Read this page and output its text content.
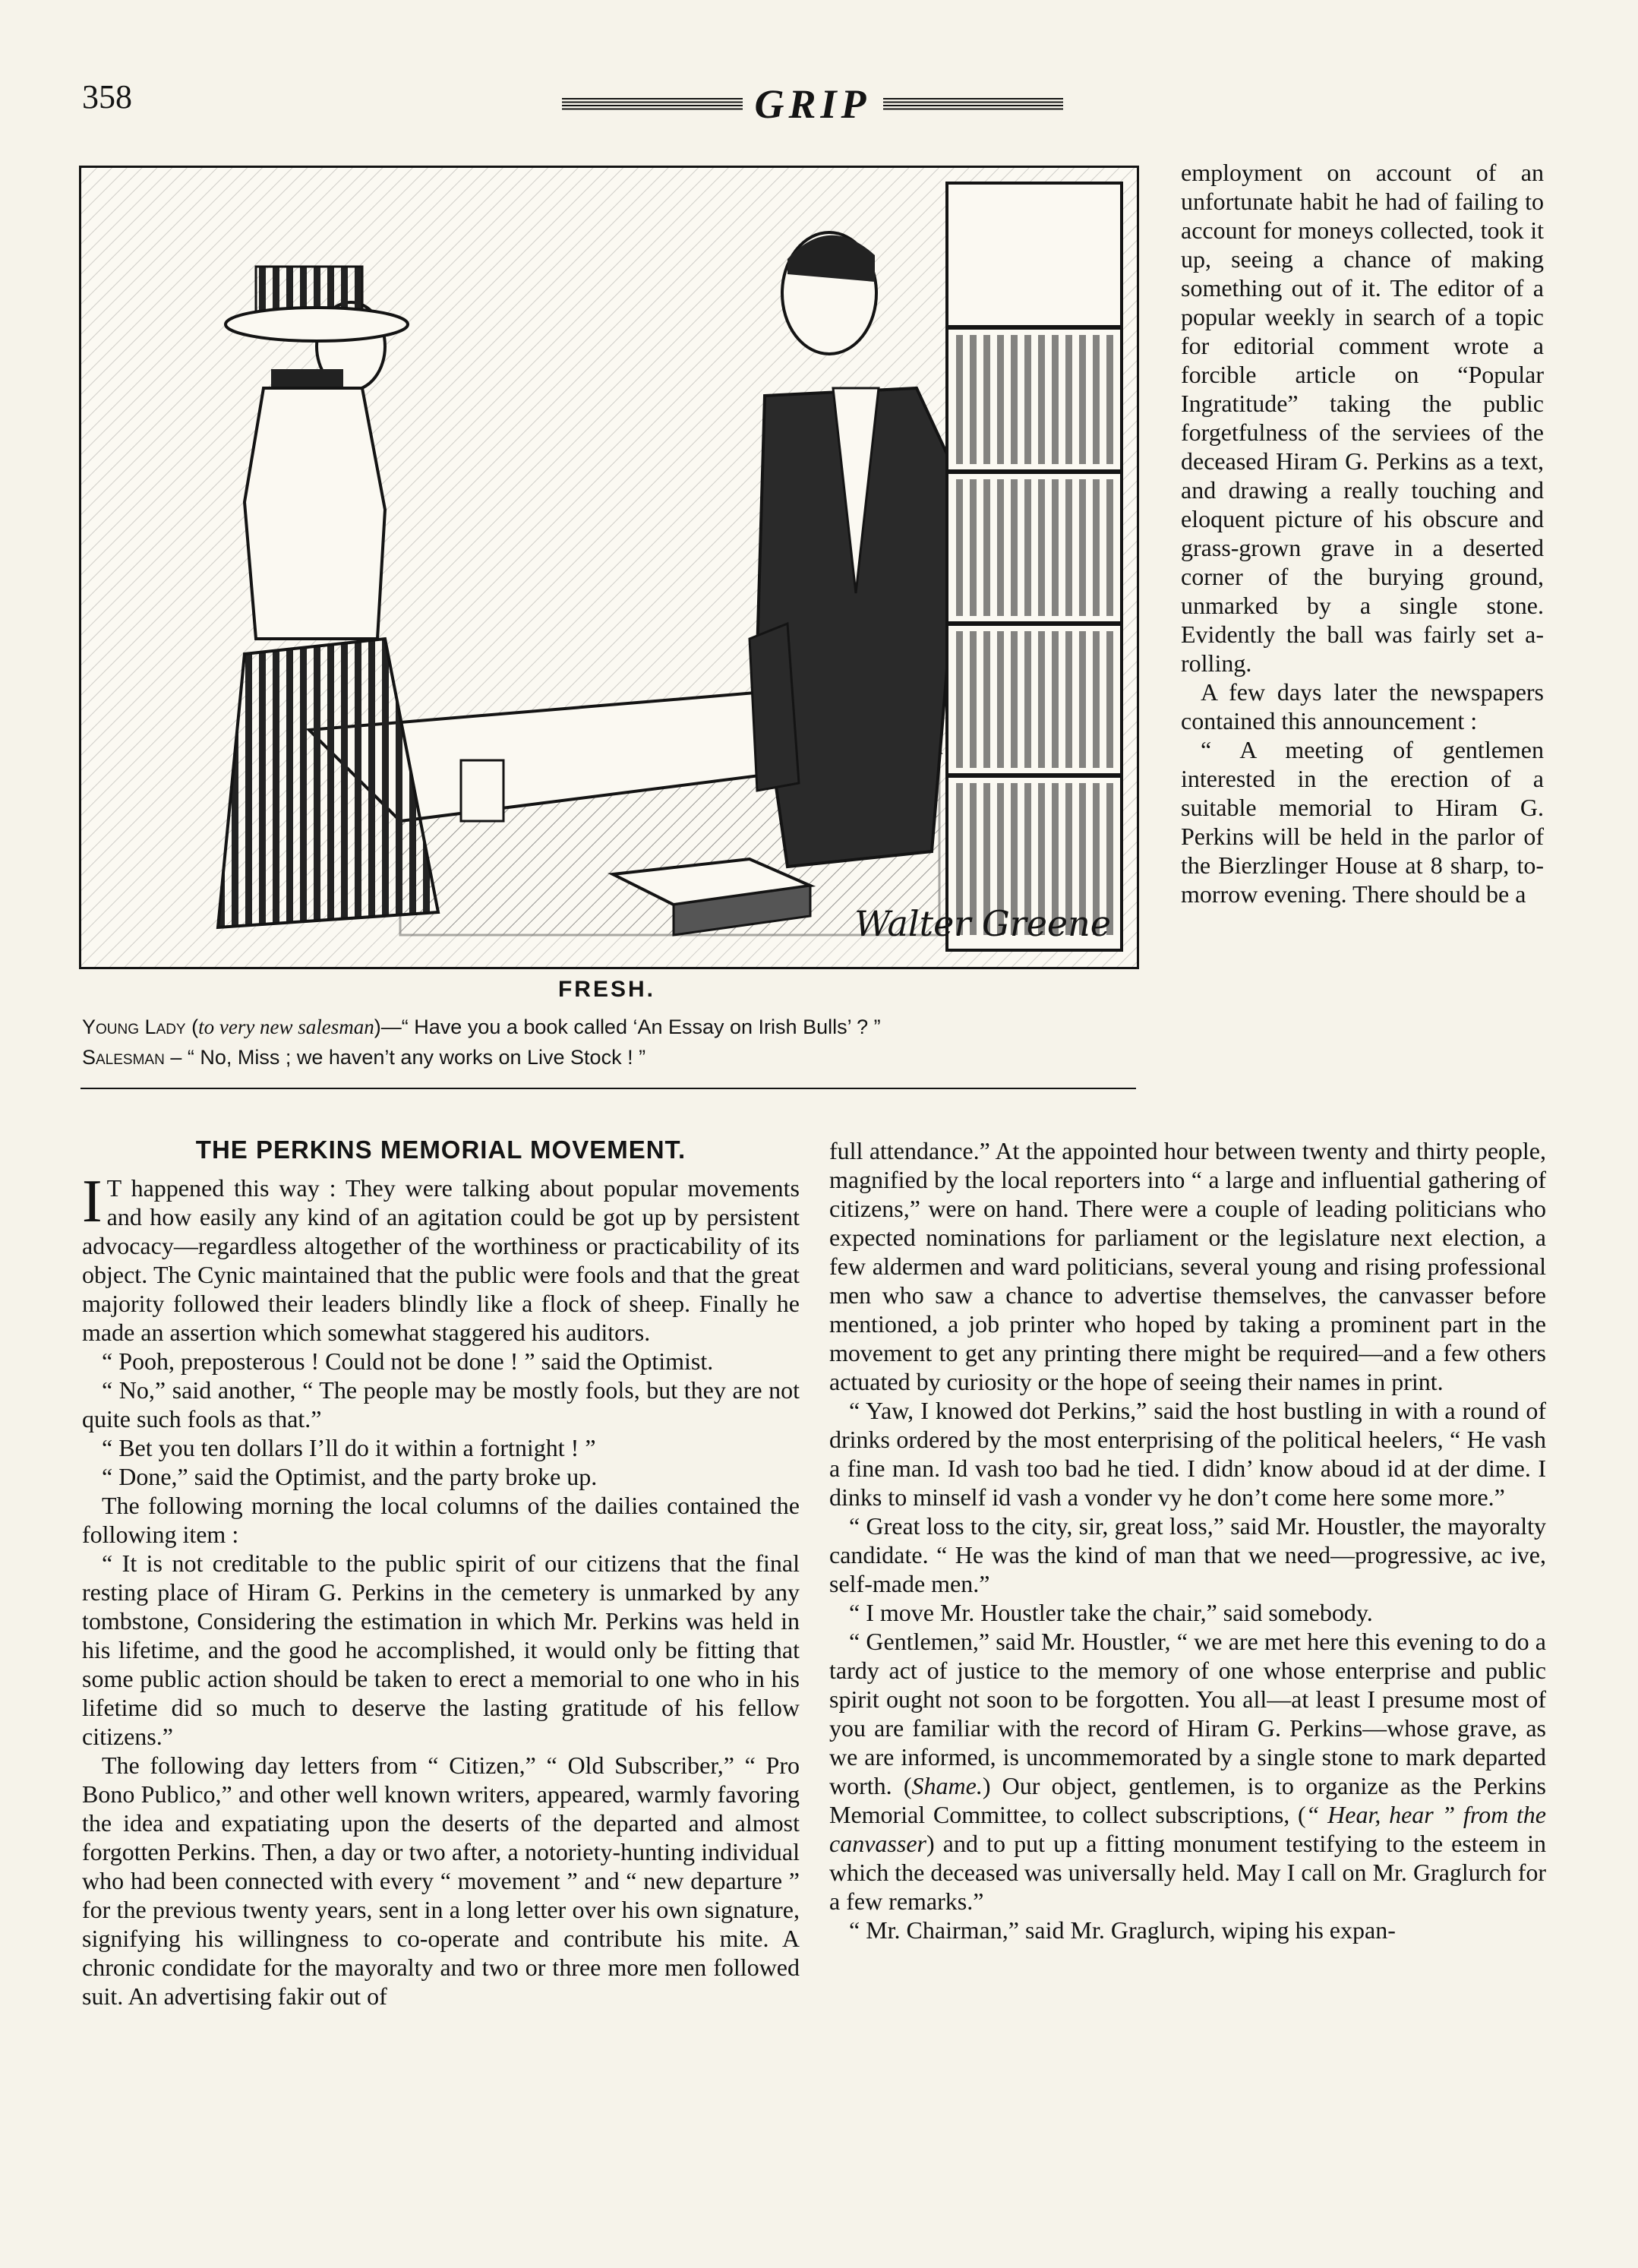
358	GRIP
Walter Greene
FRESH.
Young Lady (to very new salesman)—“ Have you a book called ‘An Essay on Irish Bulls’ ? ”
Salesman – “ No, Miss ; we haven’t any works on Live Stock ! ”

employment on account of an unfortunate habit he had of failing to account for moneys collected, took it up, seeing a chance of making something out of it. The editor of a popular weekly in search of a topic for editorial comment wrote a forcible article on “Popular Ingratitude” taking the public forgetfulness of the serviees of the deceased Hiram G. Perkins as a text, and drawing a really touching and eloquent picture of his obscure and grass-grown grave in a deserted corner of the burying ground, unmarked by a single stone. Evidently the ball was fairly set a-rolling.

A few days later the newspapers contained this announcement :

“ A meeting of gentlemen interested in the erection of a suitable memorial to Hiram G. Perkins will be held in the parlor of the Bierzlinger House at 8 sharp, to-morrow evening. There should be a

THE PERKINS MEMORIAL MOVEMENT.

I T happened this way : They were talking about popular movements and how easily any kind of an agitation could be got up by persistent advocacy—regardless altogether of the worthiness or practicability of its object. The Cynic maintained that the public were fools and that the great majority followed their leaders blindly like a flock of sheep. Finally he made an assertion which somewhat staggered his auditors.

“ Pooh, preposterous ! Could not be done ! ” said the Optimist.

“ No,” said another, “ The people may be mostly fools, but they are not quite such fools as that.”

“ Bet you ten dollars I’ll do it within a fortnight ! ”

“ Done,” said the Optimist, and the party broke up.

The following morning the local columns of the dailies contained the following item :

“ It is not creditable to the public spirit of our citizens that the final resting place of Hiram G. Perkins in the cemetery is unmarked by any tombstone, Considering the estimation in which Mr. Perkins was held in his lifetime, and the good he accomplished, it would only be fitting that some public action should be taken to erect a memorial to one who in his lifetime did so much to deserve the lasting gratitude of his fellow citizens.”

The following day letters from “ Citizen,” “ Old Subscriber,” “ Pro Bono Publico,” and other well known writers, appeared, warmly favoring the idea and expatiating upon the deserts of the departed and almost forgotten Perkins. Then, a day or two after, a notoriety-hunting individual who had been connected with every “ movement ” and “ new departure ” for the previous twenty years, sent in a long letter over his own signature, signifying his willingness to co-operate and contribute his mite. A chronic condidate for the mayoralty and two or three more men followed suit. An advertising fakir out of

full attendance.” At the appointed hour between twenty and thirty people, magnified by the local reporters into “ a large and influential gathering of citizens,” were on hand. There were a couple of leading politicians who expected nominations for parliament or the legislature next election, a few aldermen and ward politicians, several young and rising professional men who saw a chance to advertise themselves, the canvasser before mentioned, a job printer who hoped by taking a prominent part in the movement to get any printing there might be required—and a few others actuated by curiosity or the hope of seeing their names in print.

“ Yaw, I knowed dot Perkins,” said the host bustling in with a round of drinks ordered by the most enterprising of the political heelers, “ He vash a fine man. Id vash too bad he tied. I didn’ know aboud id at der dime. I dinks to minself id vash a vonder vy he don’t come here some more.”

“ Great loss to the city, sir, great loss,” said Mr. Houstler, the mayoralty candidate. “ He was the kind of man that we need—progressive, ac ive, self-made men.”

“ I move Mr. Houstler take the chair,” said somebody.

“ Gentlemen,” said Mr. Houstler, “ we are met here this evening to do a tardy act of justice to the memory of one whose enterprise and public spirit ought not soon to be forgotten. You all—at least I presume most of you are familiar with the record of Hiram G. Perkins—whose grave, as we are informed, is uncommemorated by a single stone to mark departed worth. (Shame.) Our object, gentlemen, is to organize as the Perkins Memorial Committee, to collect subscriptions, (“ Hear, hear ” from the canvasser) and to put up a fitting monument testifying to the esteem in which the deceased was universally held. May I call on Mr. Graglurch for a few remarks.”

“ Mr. Chairman,” said Mr. Graglurch, wiping his expan-
